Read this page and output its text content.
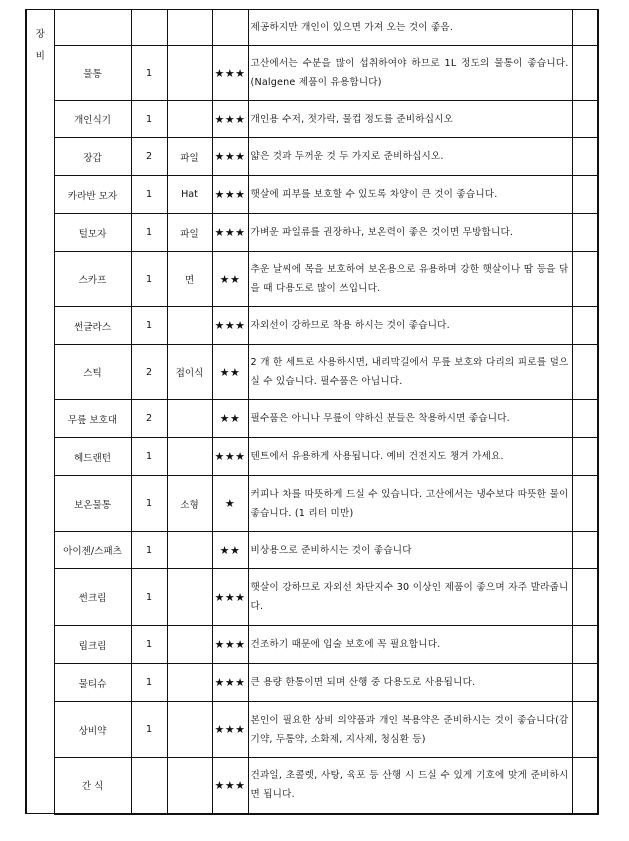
장
비					제공하지만 개인이 있으면 가져 오는 것이 좋음.	
	물통	1		★★★	고산에서는 수분을 많이 섭취하여야 하므로 1L 정도의 물통이 좋습니다. (Nalgene 제품이 유용합니다)	
	개인식기	1		★★★	개인용 수저, 젓가락, 물컵 정도를 준비하십시오	
	장갑	2	파일	★★★	얇은 것과 두꺼운 것 두 가지로 준비하십시오.	
	카라반 모자	1	Hat	★★★	햇살에 피부를 보호할 수 있도록 차양이 큰 것이 좋습니다.	
	털모자	1	파일	★★★	가벼운 파일류를 권장하나, 보온력이 좋은 것이면 무방합니다.	
	스카프	1	면	★★	추운 날씨에 목을 보호하여 보온용으로 유용하며 강한 햇살이나 땀 등을 닦을 때 다용도로 많이 쓰입니다.	
	썬글라스	1		★★★	자외선이 강하므로 착용 하시는 것이 좋습니다.	
	스틱	2	접이식	★★	2 개 한 세트로 사용하시면, 내리막길에서 무릎 보호와 다리의 피로를 덜으실 수 있습니다. 필수품은 아닙니다.	
	무릎 보호대	2		★★	필수품은 아니나 무릎이 약하신 분들은 착용하시면 좋습니다.	
	헤드랜턴	1		★★★	텐트에서 유용하게 사용됩니다. 예비 건전지도 챙겨 가세요.	
	보온물통	1	소형	★	커피나 차를 따뜻하게 드실 수 있습니다. 고산에서는 냉수보다 따뜻한 물이 좋습니다. (1 리터 미만)	
	아이젠/스패츠	1		★★	비상용으로 준비하시는 것이 좋습니다	
	썬크림	1		★★★	햇살이 강하므로 자외선 차단지수 30 이상인 제품이 좋으며 자주 발라줍니다.	
	립크림	1		★★★	건조하기 때문에 입술 보호에 꼭 필요합니다.	
	물티슈	1		★★★	큰 용량 한통이면 되며 산행 중 다용도로 사용됩니다.	
	상비약	1		★★★	본인이 필요한 상비 의약품과 개인 복용약은 준비하시는 것이 좋습니다(감기약, 두통약, 소화제, 지사제, 청심환 등)	
	간 식			★★★	건과일, 초콜렛, 사탕, 육포 등 산행 시 드실 수 있게 기호에 맞게 준비하시면 됩니다.	
